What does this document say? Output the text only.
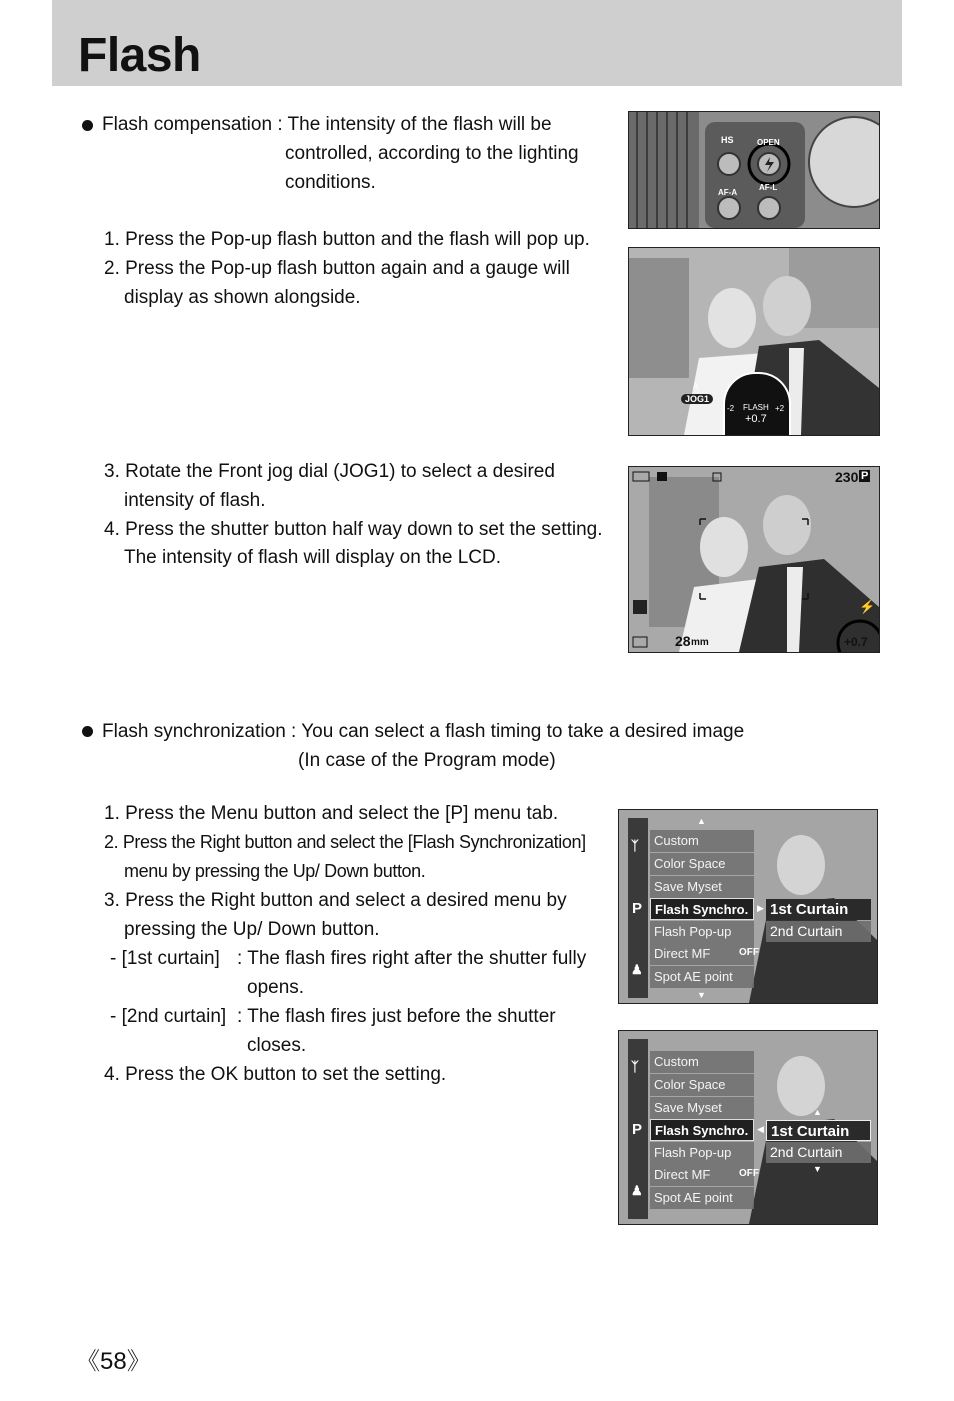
Flash
Flash compensation : The intensity of the flash will be
controlled, according to the lighting
conditions.
1. Press the Pop-up flash button and the flash will pop up.
2. Press the Pop-up flash button again and a gauge will
display as shown alongside.
3. Rotate the Front jog dial (JOG1) to select a desired
intensity of flash.
4. Press the shutter button half way down to set the setting.
The intensity of flash will display on the LCD.
HS	OPEN
AF-A
AF-L
JOG1
A
-2 FLASH +2
+0.7
230 P
28 mm	+0.7
⚡
Flash synchronization : You can select a flash timing to take a desired image
(In case of the Program mode)
1. Press the Menu button and select the [P] menu tab.
2. Press the Right button and select the [Flash Synchronization]
menu by pressing the Up/ Down button.
3. Press the Right button and select a desired menu by
pressing the Up/ Down button.
- [1st curtain] : The flash fires right after the shutter fully
opens.
- [2nd curtain] : The flash fires just before the shutter
closes.
4. Press the OK button to set the setting.
ᛉ
P
♟
▲
Custom
Color Space
Save Myset
Flash Synchro.
Flash Pop-up
Direct MF	OFF
Spot AE point
▼
▶ 1st Curtain
2nd Curtain
ᛉ
P
♟
Custom
Color Space
Save Myset
Flash Synchro.
Flash Pop-up
Direct MF	OFF
Spot AE point
▲
◀ 1st Curtain
2nd Curtain
▼
《58》
